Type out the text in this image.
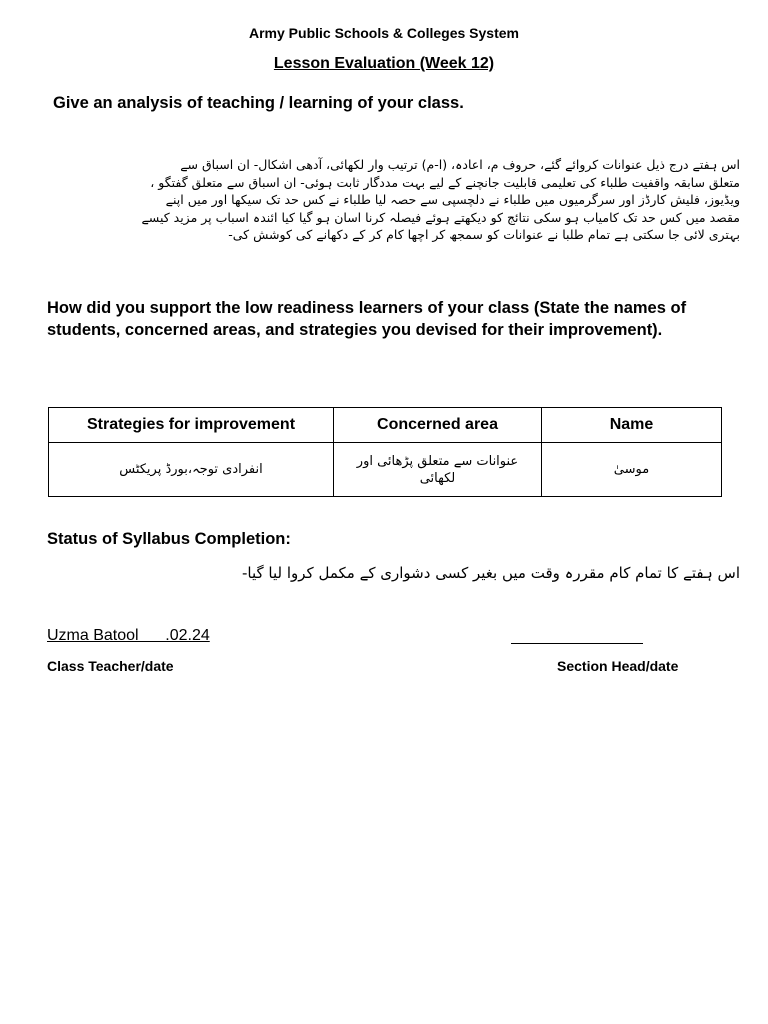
Army Public Schools & Colleges System
Lesson Evaluation (Week 12)
Give an analysis of teaching / learning of your class.
اس ہفتے درج ذیل عنوانات کروائے گئے، حروف م، اعادہ، (ا-م) ترتیب وار لکھائی، آدھی اشکال- ان اسباق سے
متعلق سابقہ واقفیت طلباء کی تعلیمی قابلیت جانچنے کے لیے بہت مددگار ثابت ہوئی- ان اسباق سے متعلق گفتگو ،
ویڈیوز، فلیش کارڈز اور سرگرمیوں میں طلباء نے دلچسپی سے حصہ لیا طلباء نے کس حد تک سیکھا اور میں اپنے
مقصد میں کس حد تک کامیاب ہو سکی نتائج کو دیکھتے ہوئے فیصلہ کرنا اسان ہو گیا کیا ائندہ اسباب پر مزید کیسے
بہتری لائی جا سکتی ہے تمام طلبا نے عنوانات کو سمجھ کر اچھا کام کر کے دکھانے کی کوشش کی-
How did you support the low readiness learners of your class (State the names of students, concerned areas, and strategies you devised for their improvement).
Strategies for improvement	Concerned area	Name
انفرادی توجہ،بورڈ پریکٹس	عنوانات سے متعلق پڑھائی اور لکھائی	موسیٰ
Status of Syllabus Completion:
اس ہفتے کا تمام کام مقررہ وقت میں بغیر کسی دشواری کے مکمل کروا لیا گیا-
Uzma Batool      .02.24
Class Teacher/date	Section Head/date
